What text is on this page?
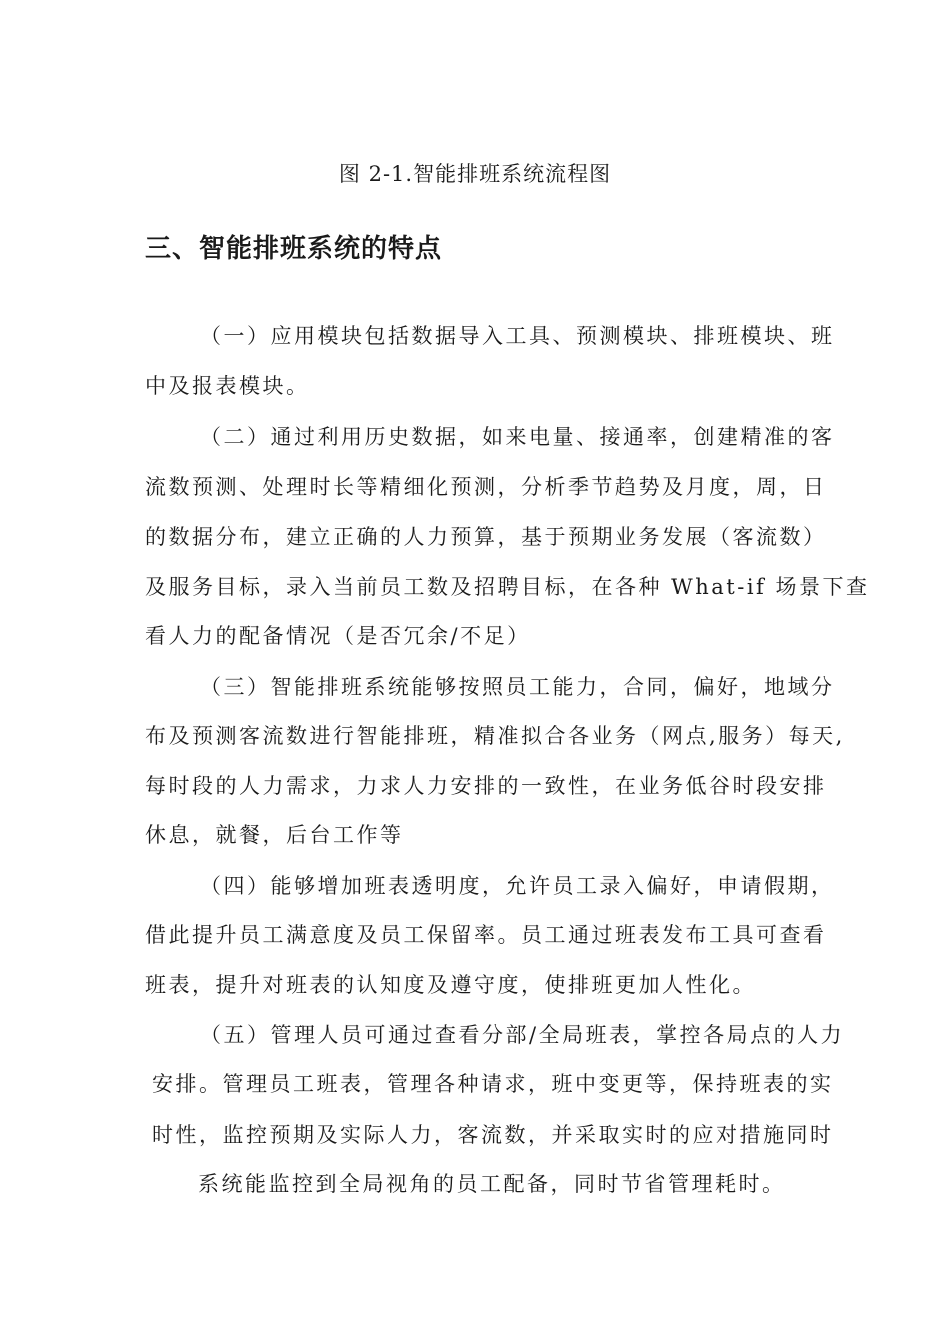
图 2-1.智能排班系统流程图
三、智能排班系统的特点
（一）应用模块包括数据导入工具、预测模块、排班模块、班
中及报表模块。
（二）通过利用历史数据，如来电量、接通率，创建精准的客
流数预测、处理时长等精细化预测，分析季节趋势及月度，周，日
的数据分布，建立正确的人力预算，基于预期业务发展（客流数）
及服务目标，录入当前员工数及招聘目标，在各种 What-if 场景下查
看人力的配备情况（是否冗余/不足）
（三）智能排班系统能够按照员工能力，合同，偏好，地域分
布及预测客流数进行智能排班，精准拟合各业务（网点,服务）每天,
每时段的人力需求，力求人力安排的一致性，在业务低谷时段安排
休息，就餐，后台工作等
（四）能够增加班表透明度，允许员工录入偏好，申请假期，
借此提升员工满意度及员工保留率。员工通过班表发布工具可查看
班表，提升对班表的认知度及遵守度，使排班更加人性化。
（五）管理人员可通过查看分部/全局班表，掌控各局点的人力
安排。管理员工班表，管理各种请求，班中变更等，保持班表的实
时性，监控预期及实际人力，客流数，并采取实时的应对措施同时
系统能监控到全局视角的员工配备，同时节省管理耗时。
